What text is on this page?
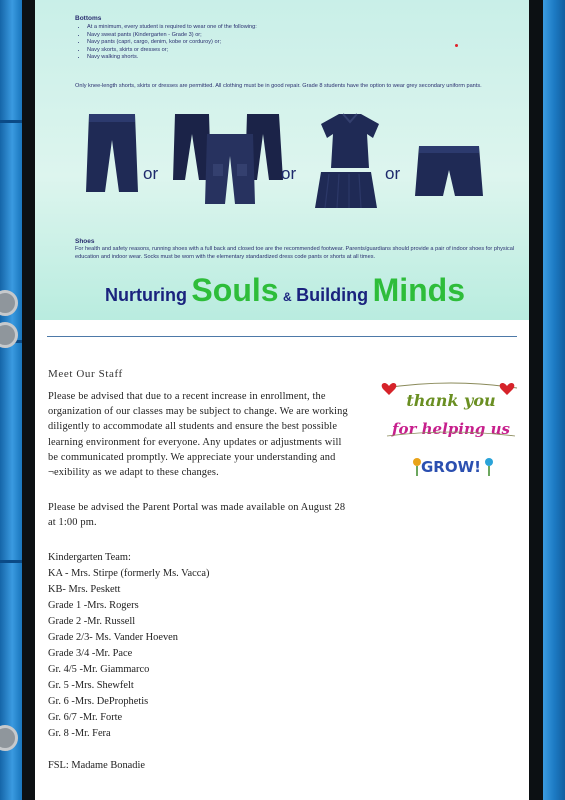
Bottoms
• At a minimum, every student is required to wear one of the following:
• Navy sweat pants (Kindergarten - Grade 3) or;
• Navy pants (capri, cargo, denim, kobe or corduroy) or;
• Navy skorts, skirts or dresses or;
• Navy walking shorts.
Only knee-length shorts, skirts or dresses are permitted. All clothing must be in good repair. Grade 8 students have the option to wear grey secondary uniform pants.
or	or	or
Shoes
For health and safety reasons, running shoes with a full back and closed toe are the recommended footwear. Parents/guardians should provide a pair of indoor shoes for physical education and indoor wear. Socks must be worn with the elementary standardized dress code pants or shorts at all times.
Nurturing Souls & Building Minds
Meet Our Staff
Please be advised that due to a recent increase in enrollment, the organization of our classes may be subject to change. We are working diligently to accommodate all students and ensure the best possible learning environment for everyone. Any updates or adjustments will be communicated promptly. We appreciate your understanding and ¬exibility as we adapt to these changes.
Please be advised the Parent Portal was made available on August 28 at 1:00 pm.
Kindergarten Team:
KA - Mrs. Stirpe (formerly Ms. Vacca)
KB- Mrs. Peskett
Grade 1 -Mrs. Rogers
Grade 2 -Mr. Russell
Grade 2/3- Ms. Vander Hoeven
Grade 3/4 -Mr. Pace
Gr. 4/5 -Mr. Giammarco
Gr. 5 -Mrs. Shewfelt
Gr. 6 -Mrs. DeProphetis
Gr. 6/7 -Mr. Forte
Gr. 8 -Mr. Fera
FSL: Madame Bonadie
thank you
for helping us
GROW!
